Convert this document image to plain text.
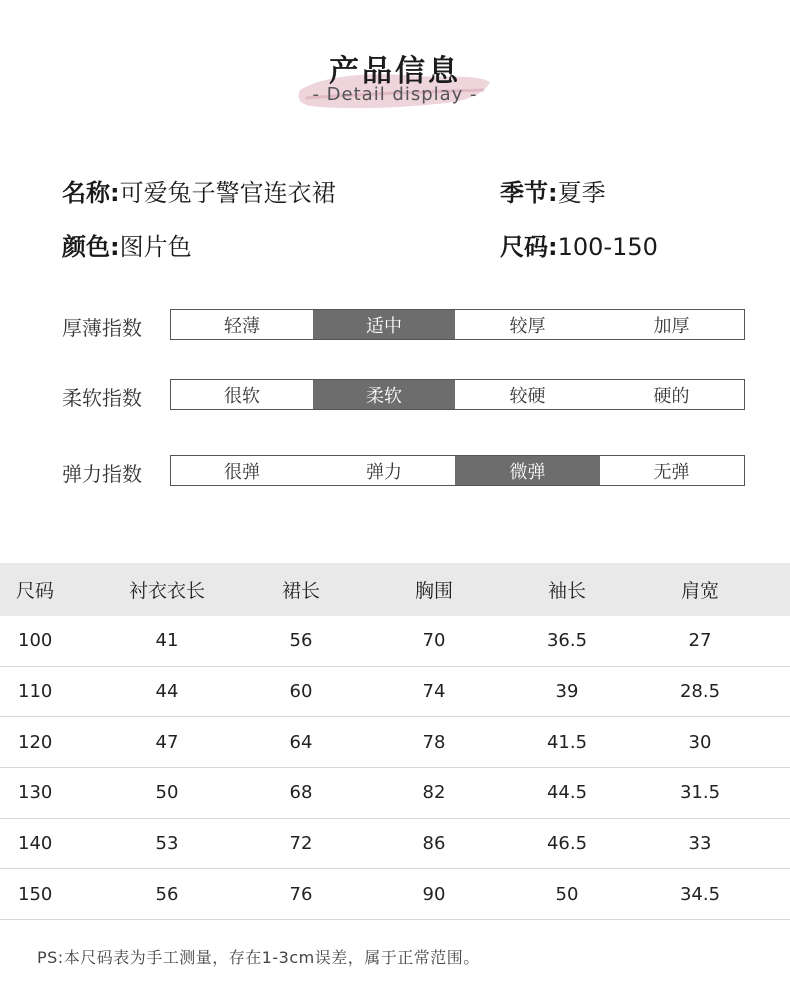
产品信息
- Detail display -
名称:可爱兔子警官连衣裙	季节:夏季
颜色:图片色	尺码:100-150
厚薄指数	轻薄	适中	较厚	加厚
柔软指数	很软	柔软	较硬	硬的
弹力指数	很弹	弹力	微弹	无弹
尺码	衬衣衣长	裙长	胸围	袖长	肩宽
100	41	56	70	36.5	27
110	44	60	74	39	28.5
120	47	64	78	41.5	30
130	50	68	82	44.5	31.5
140	53	72	86	46.5	33
150	56	76	90	50	34.5
PS:本尺码表为手工测量，存在1-3cm误差，属于正常范围。
